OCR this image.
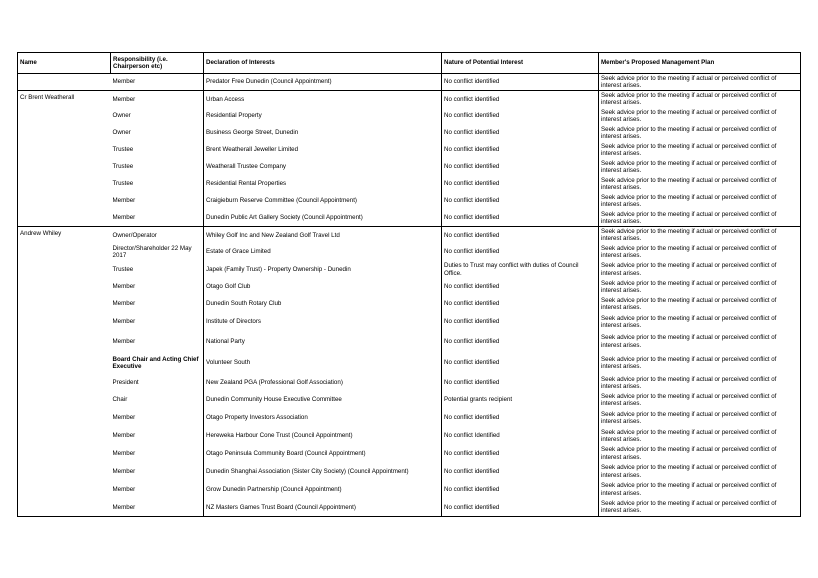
Name	Responsibility (i.e. Chairperson etc)	Declaration of Interests	Nature of Potential Interest	Member's Proposed Management Plan
	Member	Predator Free Dunedin (Council Appointment)	No conflict identified	Seek advice prior to the meeting if actual or perceived conflict of interest arises.
Cr Brent Weatherall	Member	Urban Access	No conflict identified	Seek advice prior to the meeting if actual or perceived conflict of interest arises.
	Owner	Residential Property	No conflict identified	Seek advice prior to the meeting if actual or perceived conflict of interest arises.
	Owner	Business George Street, Dunedin	No conflict identified	Seek advice prior to the meeting if actual or perceived conflict of interest arises.
	Trustee	Brent Weatherall Jeweller Limited	No conflict identified	Seek advice prior to the meeting if actual or perceived conflict of interest arises.
	Trustee	Weatherall Trustee Company	No conflict identified	Seek advice prior to the meeting if actual or perceived conflict of interest arises.
	Trustee	Residential Rental Properties	No conflict identified	Seek advice prior to the meeting if actual or perceived conflict of interest arises.
	Member	Craigieburn Reserve Committee (Council Appointment)	No conflict identified	Seek advice prior to the meeting if actual or perceived conflict of interest arises.
	Member	Dunedin Public Art Gallery Society (Council Appointment)	No conflict identified	Seek advice prior to the meeting if actual or perceived conflict of interest arises.
Andrew Whiley	Owner/Operator	Whiley Golf Inc and New Zealand Golf Travel Ltd	No conflict identified	Seek advice prior to the meeting if actual or perceived conflict of interest arises.
	Director/Shareholder 22 May 2017	Estate of Grace Limited	No conflict identified	Seek advice prior to the meeting if actual or perceived conflict of interest arises.
	Trustee	Japek (Family Trust) - Property Ownership - Dunedin	Duties to Trust may conflict with duties of Council Office.	Seek advice prior to the meeting if actual or perceived conflict of interest arises.
	Member	Otago Golf Club	No conflict identified	Seek advice prior to the meeting if actual or perceived conflict of interest arises.
	Member	Dunedin South Rotary Club	No conflict identified	Seek advice prior to the meeting if actual or perceived conflict of interest arises.
	Member	Institute of Directors	No conflict identified	Seek advice prior to the meeting if actual or perceived conflict of interest arises.
	Member	National Party	No conflict identified	Seek advice prior to the meeting if actual or perceived conflict of interest arises.
	Board Chair and Acting Chief Executive	Volunteer South	No conflict identified	Seek advice prior to the meeting if actual or perceived conflict of interest arises.
	President	New Zealand PGA (Professional Golf Association)	No conflict identified	Seek advice prior to the meeting if actual or perceived conflict of interest arises.
	Chair	Dunedin Community House Executive Committee	Potential grants recipient	Seek advice prior to the meeting if actual or perceived conflict of interest arises.
	Member	Otago Property Investors Association	No conflict identified	Seek advice prior to the meeting if actual or perceived conflict of interest arises.
	Member	Hereweka Harbour Cone Trust (Council Appointment)	No conflict Identified	Seek advice prior to the meeting if actual or perceived conflict of interest arises.
	Member	Otago Peninsula Community Board (Council Appointment)	No conflict identified	Seek advice prior to the meeting if actual or perceived conflict of interest arises.
	Member	Dunedin Shanghai Association (Sister City Society) (Council Appointment)	No conflict identified	Seek advice prior to the meeting if actual or perceived conflict of interest arises.
	Member	Grow Dunedin Partnership (Council Appointment)	No conflict identified	Seek advice prior to the meeting if actual or perceived conflict of interest arises.
	Member	NZ Masters Games Trust Board (Council Appointment)	No conflict identified	Seek advice prior to the meeting if actual or perceived conflict of interest arises.
